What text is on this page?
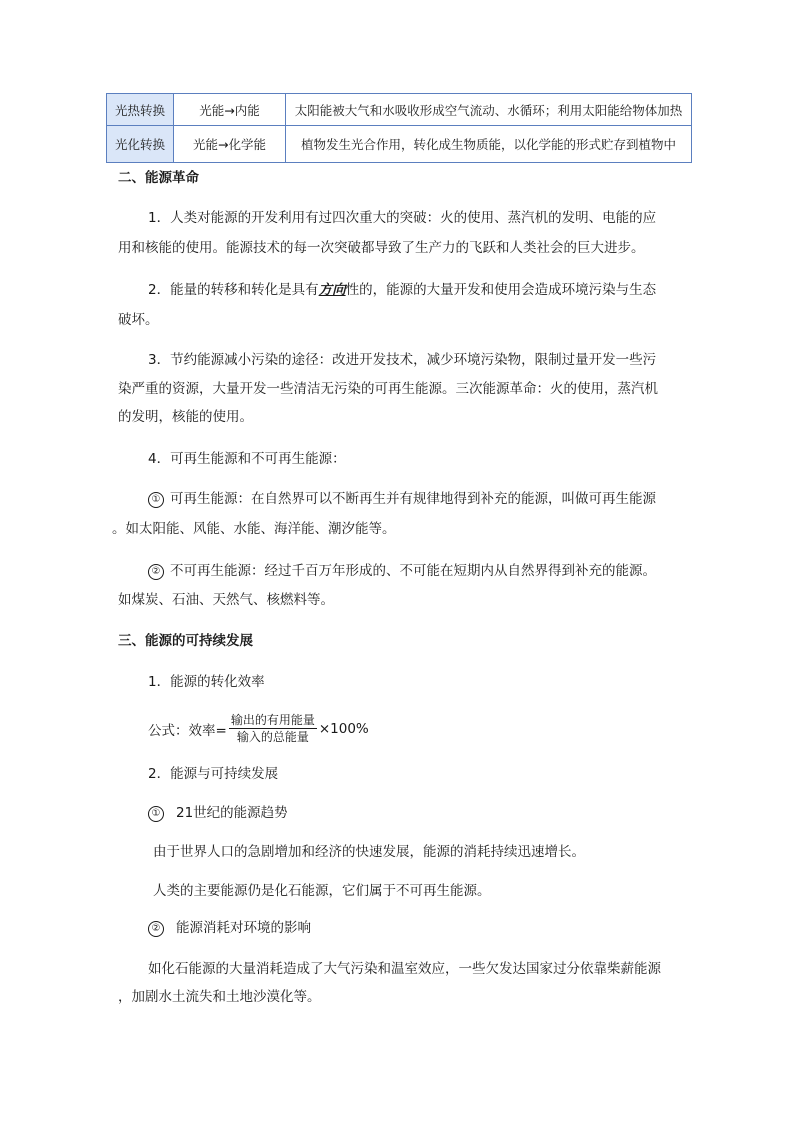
光热转换	光能→内能	太阳能被大气和水吸收形成空气流动、水循环；利用太阳能给物体加热
光化转换	光能→化学能	植物发生光合作用，转化成生物质能，以化学能的形式贮存到植物中
二、能源革命
1．人类对能源的开发利用有过四次重大的突破：火的使用、蒸汽机的发明、电能的应
用和核能的使用。能源技术的每一次突破都导致了生产力的飞跃和人类社会的巨大进步。
2．能量的转移和转化是具有方向性的，能源的大量开发和使用会造成环境污染与生态
破坏。
3．节约能源减小污染的途径：改进开发技术，减少环境污染物，限制过量开发一些污
染严重的资源，大量开发一些清洁无污染的可再生能源。三次能源革命：火的使用，蒸汽机
的发明，核能的使用。
4．可再生能源和不可再生能源：
① 可再生能源：在自然界可以不断再生并有规律地得到补充的能源，叫做可再生能源
。如太阳能、风能、水能、海洋能、潮汐能等。
② 不可再生能源：经过千百万年形成的、不可能在短期内从自然界得到补充的能源。
如煤炭、石油、天然气、核燃料等。
三、能源的可持续发展
1．能源的转化效率
公式：效率= $\frac{\text{输出的有用能量}}{\text{输入的总能量}} \times 100\%$
2．能源与可持续发展
① 21世纪的能源趋势
由于世界人口的急剧增加和经济的快速发展，能源的消耗持续迅速增长。
人类的主要能源仍是化石能源，它们属于不可再生能源。
② 能源消耗对环境的影响
如化石能源的大量消耗造成了大气污染和温室效应，一些欠发达国家过分依靠柴薪能源
，加剧水土流失和土地沙漠化等。
